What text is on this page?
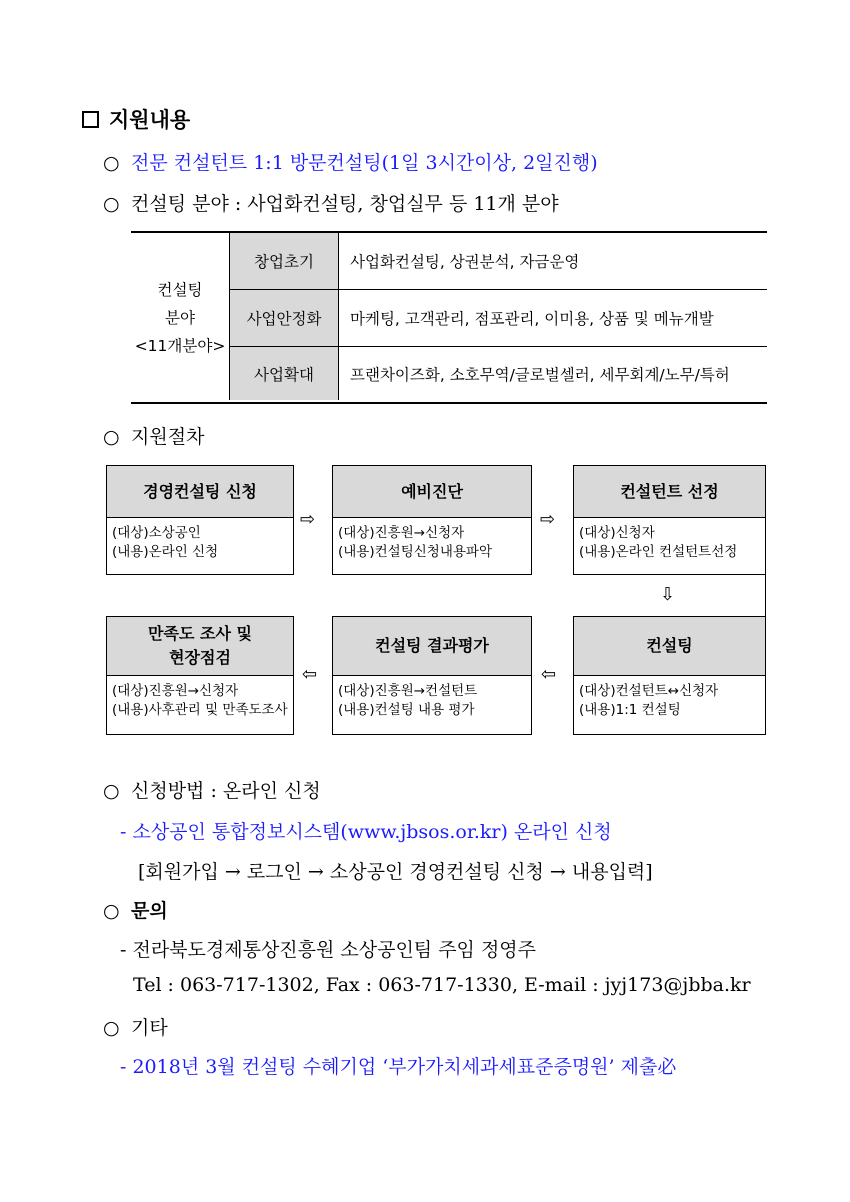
지원내용
○ 전문 컨설턴트 1:1 방문컨설팅(1일 3시간이상, 2일진행)
○ 컨설팅 분야 : 사업화컨설팅, 창업실무 등 11개 분야
컨설팅
분야
<11개분야>
창업초기	사업화컨설팅, 상권분석, 자금운영
사업안정화	마케팅, 고객관리, 점포관리, 이미용, 상품 및 메뉴개발
사업확대	프랜차이즈화, 소호무역/글로벌셀러, 세무회계/노무/특허
○ 지원절차
경영컨설팅 신청
(대상)소상공인
(내용)온라인 신청
⇨
예비진단
(대상)진흥원→신청자
(내용)컨설팅신청내용파악
⇨
컨설턴트 선정
(대상)신청자
(내용)온라인 컨설턴트선정
⇩
만족도 조사 및
현장점검
(대상)진흥원→신청자
(내용)사후관리 및 만족도조사
⇦
컨설팅 결과평가
(대상)진흥원→컨설턴트
(내용)컨설팅 내용 평가
⇦
컨설팅
(대상)컨설턴트↔신청자
(내용)1:1 컨설팅
○ 신청방법 : 온라인 신청
- 소상공인 통합정보시스템(www.jbsos.or.kr) 온라인 신청
[회원가입 → 로그인 → 소상공인 경영컨설팅 신청 → 내용입력]
○ 문의
- 전라북도경제통상진흥원 소상공인팀 주임 정영주
Tel : 063-717-1302, Fax : 063-717-1330, E-mail : jyj173@jbba.kr
○ 기타
- 2018년 3월 컨설팅 수혜기업 ‘부가가치세과세표준증명원’ 제출必
